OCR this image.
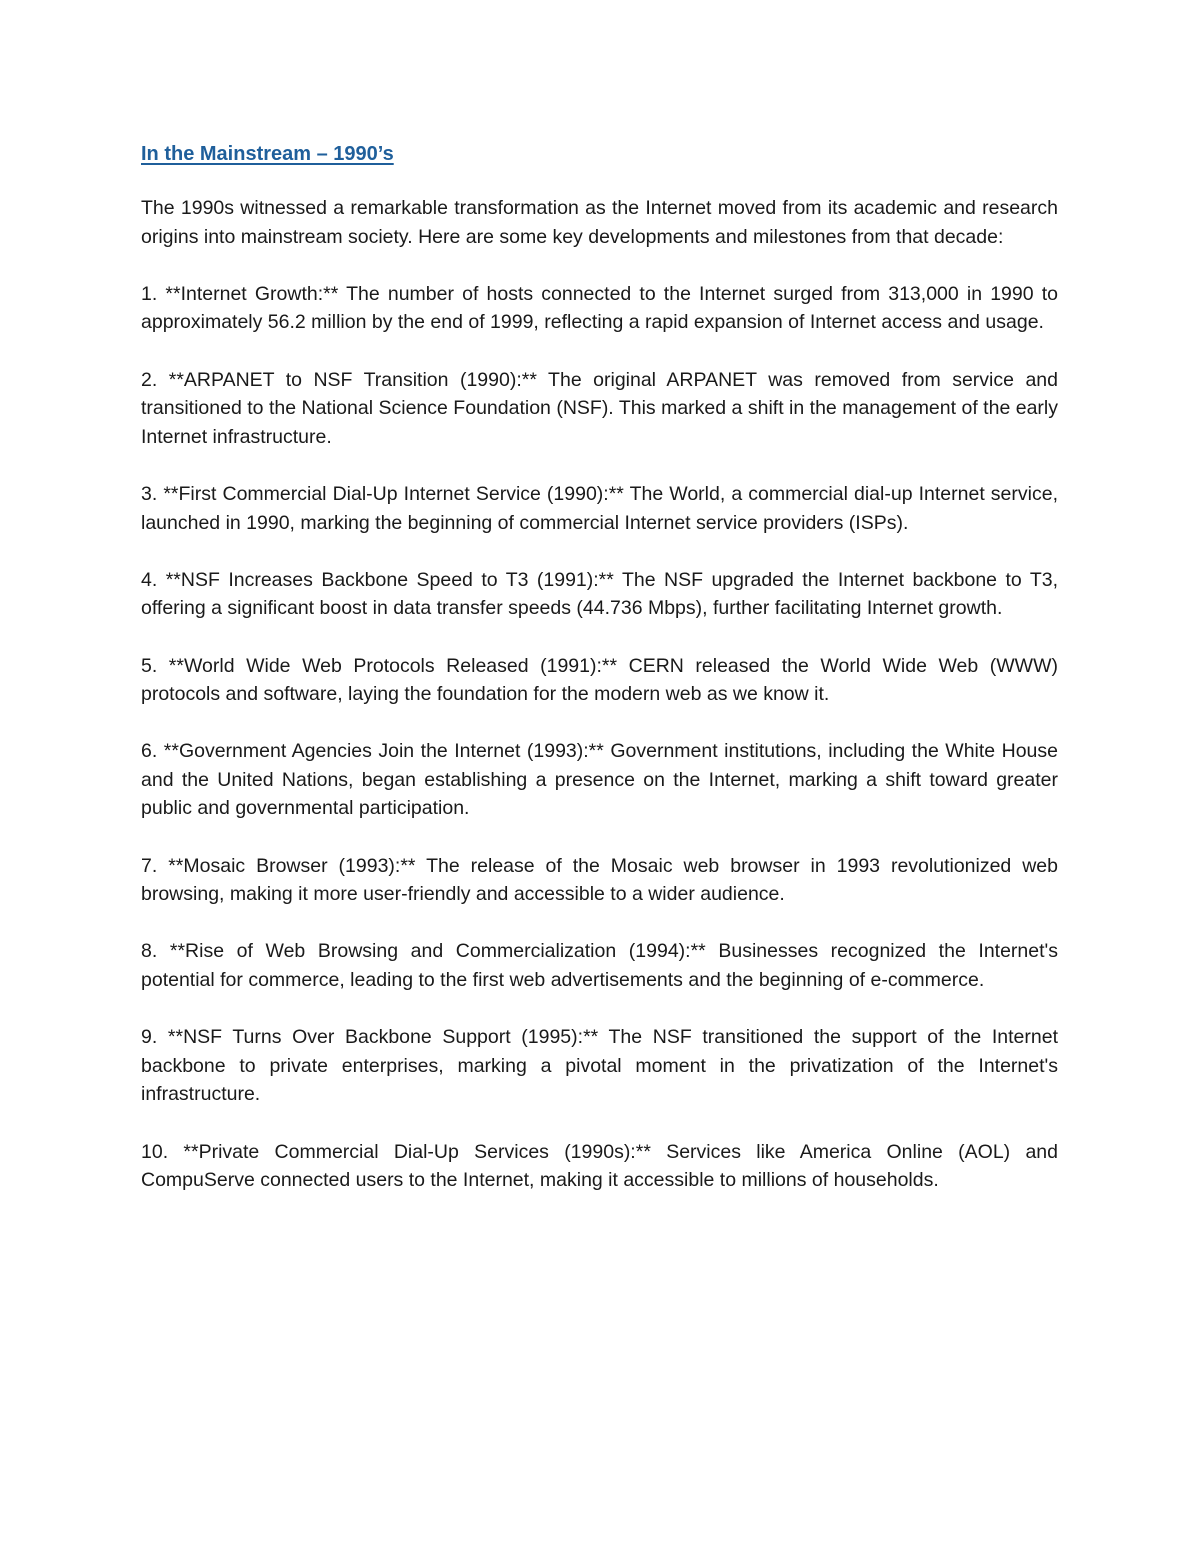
In the Mainstream – 1990’s

The 1990s witnessed a remarkable transformation as the Internet moved from its academic and research origins into mainstream society. Here are some key developments and milestones from that decade:

1. **Internet Growth:** The number of hosts connected to the Internet surged from 313,000 in 1990 to approximately 56.2 million by the end of 1999, reflecting a rapid expansion of Internet access and usage.

2. **ARPANET to NSF Transition (1990):** The original ARPANET was removed from service and transitioned to the National Science Foundation (NSF). This marked a shift in the management of the early Internet infrastructure.

3. **First Commercial Dial-Up Internet Service (1990):** The World, a commercial dial-up Internet service, launched in 1990, marking the beginning of commercial Internet service providers (ISPs).

4. **NSF Increases Backbone Speed to T3 (1991):** The NSF upgraded the Internet backbone to T3, offering a significant boost in data transfer speeds (44.736 Mbps), further facilitating Internet growth.

5. **World Wide Web Protocols Released (1991):** CERN released the World Wide Web (WWW) protocols and software, laying the foundation for the modern web as we know it.

6. **Government Agencies Join the Internet (1993):** Government institutions, including the White House and the United Nations, began establishing a presence on the Internet, marking a shift toward greater public and governmental participation.

7. **Mosaic Browser (1993):** The release of the Mosaic web browser in 1993 revolutionized web browsing, making it more user-friendly and accessible to a wider audience.

8. **Rise of Web Browsing and Commercialization (1994):** Businesses recognized the Internet's potential for commerce, leading to the first web advertisements and the beginning of e-commerce.

9. **NSF Turns Over Backbone Support (1995):** The NSF transitioned the support of the Internet backbone to private enterprises, marking a pivotal moment in the privatization of the Internet's infrastructure.

10. **Private Commercial Dial-Up Services (1990s):** Services like America Online (AOL) and CompuServe connected users to the Internet, making it accessible to millions of households.
